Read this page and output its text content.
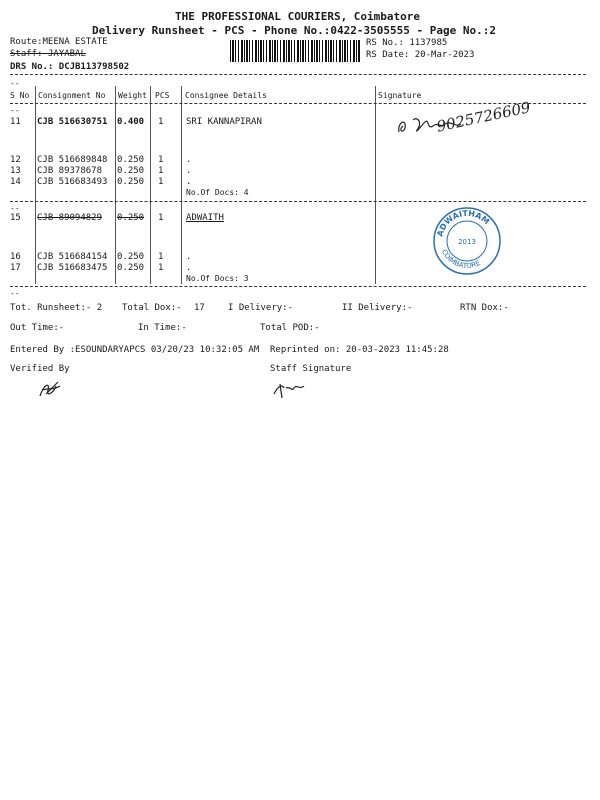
THE PROFESSIONAL COURIERS, Coimbatore
Delivery Runsheet - PCS - Phone No.:0422-3505555 - Page No.:2
Route:MEENA ESTATE
Staff: JAYABAL
DRS No.: DCJB113798502
RS No.: 1137985
RS Date: 20-Mar-2023
--
S No Consignment No Weight PCS Consignee Details	Signature
--
11 CJB 516630751 0.400 1	SRI KANNAPIRAN
12 CJB 516689848 0.250 1	.
13 CJB 89378678 0.250 1	.
14 CJB 516683493 0.250 1	.
No.Of Docs: 4
--
15 CJB 89094829 0.250 1	ADWAITH
16 CJB 516684154 0.250 1	.
17 CJB 516683475 0.250 1	.
No.Of Docs: 3
--
9025726609
ADWAITHAM
COIMBATORE
2013
Tot. Runsheet:- 2 Total Dox:- 17	I Delivery:-	II Delivery:-	RTN Dox:-
Out Time:-	In Time:-	Total POD:-
Entered By :ESOUNDARYAPCS 03/20/23 10:32:05 AM Reprinted on: 20-03-2023 11:45:28
Verified By	Staff Signature
